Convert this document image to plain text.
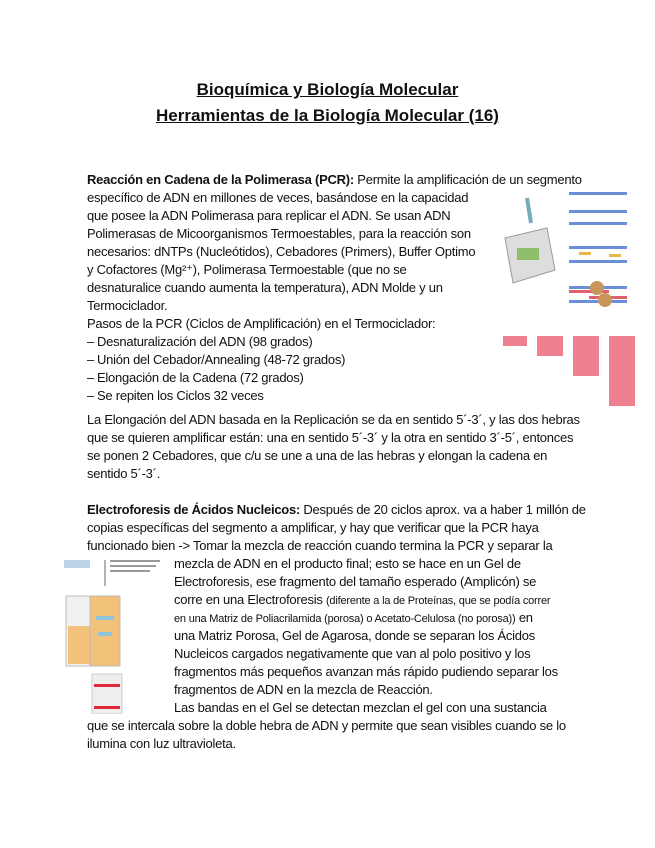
Bioquímica y Biología Molecular
Herramientas de la Biología Molecular (16)
Reacción en Cadena de la Polimerasa (PCR): Permite la amplificación de un segmento
específico de ADN en millones de veces, basándose en la capacidad
que posee la ADN Polimerasa para replicar el ADN. Se usan ADN
Polimerasas de Micoorganismos Termoestables, para la reacción son
necesarios: dNTPs (Nucleótidos), Cebadores (Primers), Buffer Optimo
y Cofactores (Mg²⁺), Polimerasa Termoestable (que no se
desnaturalice cuando aumenta la temperatura), ADN Molde y un
Termociclador.
Pasos de la PCR (Ciclos de Amplificación) en el Termociclador:
– Desnaturalización del ADN (98 grados)
– Unión del Cebador/Annealing (48-72 grados)
– Elongación de la Cadena (72 grados)
– Se repiten los Ciclos 32 veces
La Elongación del ADN basada en la Replicación se da en sentido 5´-3´, y las dos hebras
que se quieren amplificar están: una en sentido 5´-3´ y la otra en sentido 3´-5´, entonces
se ponen 2 Cebadores, que c/u se une a una de las hebras y elongan la cadena en
sentido 5´-3´.
Electroforesis de Ácidos Nucleicos: Después de 20 ciclos aprox. va a haber 1 millón de
copias específicas del segmento a amplificar, y hay que verificar que la PCR haya
funcionado bien -> Tomar la mezcla de reacción cuando termina la PCR y separar la
mezcla de ADN en el producto final; esto se hace en un Gel de
Electroforesis, ese fragmento del tamaño esperado (Amplicón) se
corre en una Electroforesis (diferente a la de Proteínas, que se podía correr
en una Matriz de Poliacrilamida (porosa) o Acetato-Celulosa (no porosa)) en
una Matriz Porosa, Gel de Agarosa, donde se separan los Ácidos
Nucleicos cargados negativamente que van al polo positivo y los
fragmentos más pequeños avanzan más rápido pudiendo separar los
fragmentos de ADN en la mezcla de Reacción.
Las bandas en el Gel se detectan mezclan el gel con una sustancia
que se intercala sobre la doble hebra de ADN y permite que sean visibles cuando se lo
ilumina con luz ultravioleta.
